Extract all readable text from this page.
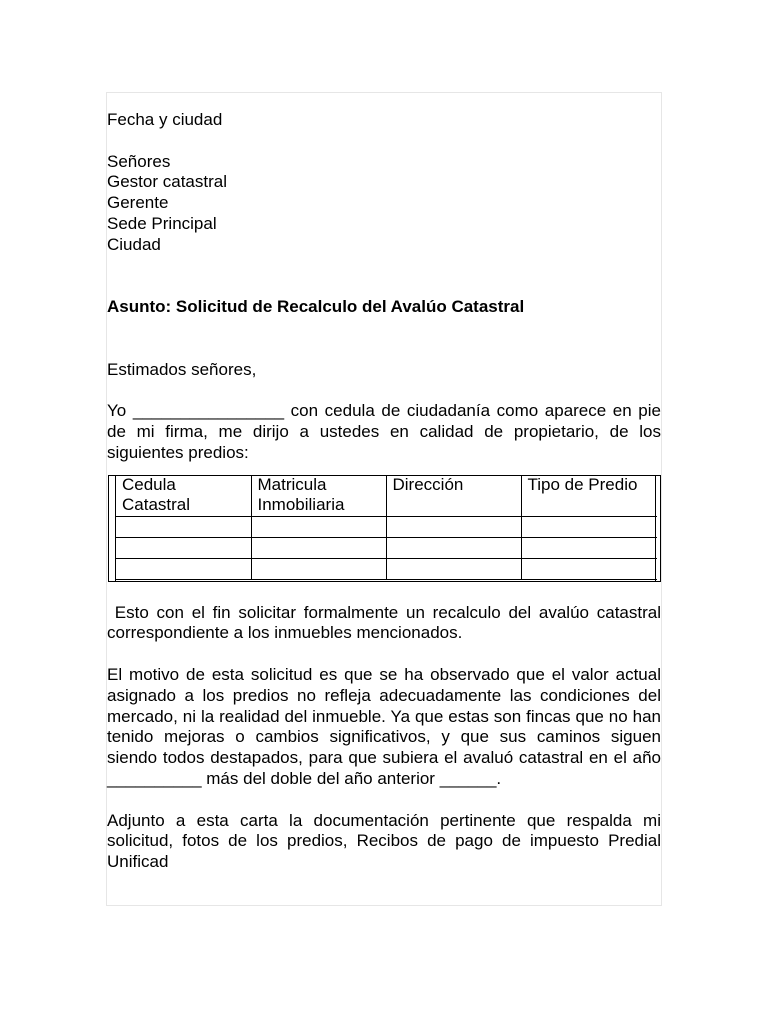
Fecha y ciudad
Señores
Gestor catastral
Gerente
Sede Principal
Ciudad
Asunto: Solicitud de Recalculo del Avalúo Catastral
Estimados señores,

Yo ________________ con cedula de ciudadanía como aparece en pie de mi firma, me dirijo a ustedes en calidad de propietario, de los siguientes predios:

Cedula Catastral	Matricula Inmobiliaria	Dirección	Tipo de Predio

Esto con el fin solicitar formalmente un recalculo del avalúo catastral correspondiente a los inmuebles mencionados.

El motivo de esta solicitud es que se ha observado que el valor actual asignado a los predios no refleja adecuadamente las condiciones del mercado, ni la realidad del inmueble. Ya que estas son fincas que no han tenido mejoras o cambios significativos, y que sus caminos siguen siendo todos destapados, para que subiera el avaluó catastral en el año __________ más del doble del año anterior ______.

Adjunto a esta carta la documentación pertinente que respalda mi solicitud, fotos de los predios, Recibos de pago de impuesto Predial Unificad
